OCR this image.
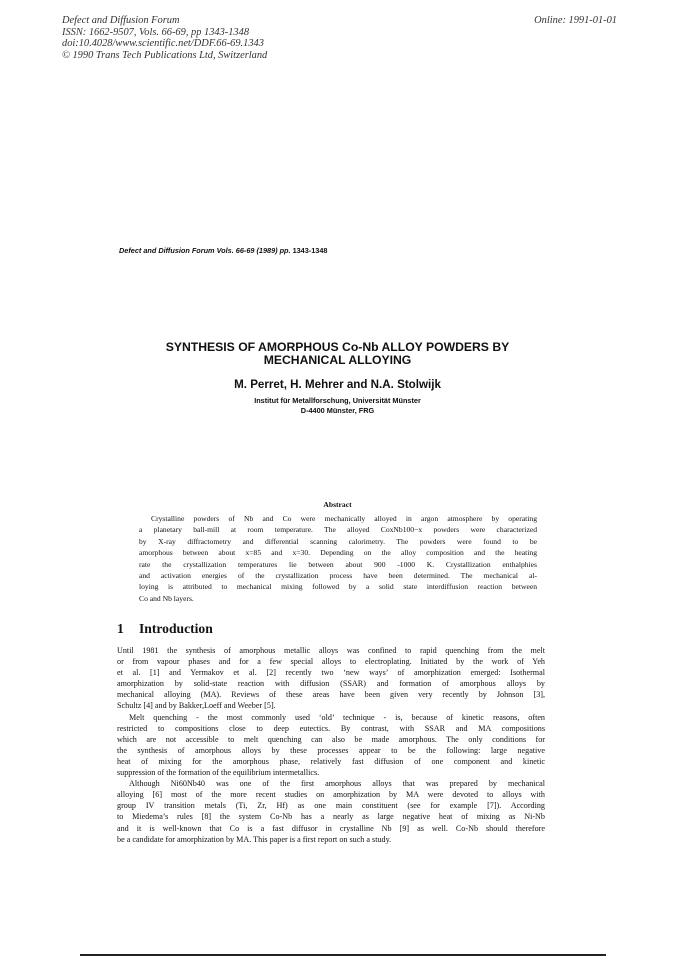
Defect and Diffusion Forum
ISSN: 1662-9507, Vols. 66-69, pp 1343-1348
doi:10.4028/www.scientific.net/DDF.66-69.1343
© 1990 Trans Tech Publications Ltd, Switzerland
Online: 1991-01-01
Defect and Diffusion Forum Vols. 66-69 (1989) pp. 1343-1348
SYNTHESIS OF AMORPHOUS Co-Nb ALLOY POWDERS BY
MECHANICAL ALLOYING
M. Perret, H. Mehrer and N.A. Stolwijk
Institut für Metallforschung, Universität Münster
D-4400 Münster, FRG
Abstract
Crystalline powders of Nb and Co were mechanically alloyed in argon atmosphere by operating
a planetary ball-mill at room temperature. The alloyed CoxNb100−x powders were characterized
by X-ray diffractometry and differential scanning calorimetry. The powders were found to be
amorphous between about x=85 and x=30. Depending on the alloy composition and the heating
rate the crystallization temperatures lie between about 900 -1000 K. Crystallization enthalphies
and activation energies of the crystallization process have been determined. The mechanical al-
loying is attributed to mechanical mixing followed by a solid state interdiffusion reaction between
Co and Nb layers.
1 Introduction
Until 1981 the synthesis of amorphous metallic alloys was confined to rapid quenching from the melt
or from vapour phases and for a few special alloys to electroplating. Initiated by the work of Yeh
et al. [1] and Yermakov et al. [2] recently two ‘new ways’ of amorphization emerged: Isothermal
amorphization by solid-state reaction with diffusion (SSAR) and formation of amorphous alloys by
mechanical alloying (MA). Reviews of these areas have been given very recently by Johnson [3],
Schultz [4] and by Bakker,Loeff and Weeber [5].
Melt quenching - the most commonly used ‘old’ technique - is, because of kinetic reasons, often
restricted to compositions close to deep eutectics. By contrast, with SSAR and MA compositions
which are not accessible to melt quenching can also be made amorphous. The only conditions for
the synthesis of amorphous alloys by these processes appear to be the following: large negative
heat of mixing for the amorphous phase, relatively fast diffusion of one component and kinetic
suppression of the formation of the equilibrium intermetallics.
Although Ni60Nb40 was one of the first amorphous alloys that was prepared by mechanical
alloying [6] most of the more recent studies on amorphization by MA were devoted to alloys with
group IV transition metals (Ti, Zr, Hf) as one main constituent (see for example [7]). According
to Miedema’s rules [8] the system Co-Nb has a nearly as large negative heat of mixing as Ni-Nb
and it is well-known that Co is a fast diffusor in crystalline Nb [9] as well. Co-Nb should therefore
be a candidate for amorphization by MA. This paper is a first report on such a study.
